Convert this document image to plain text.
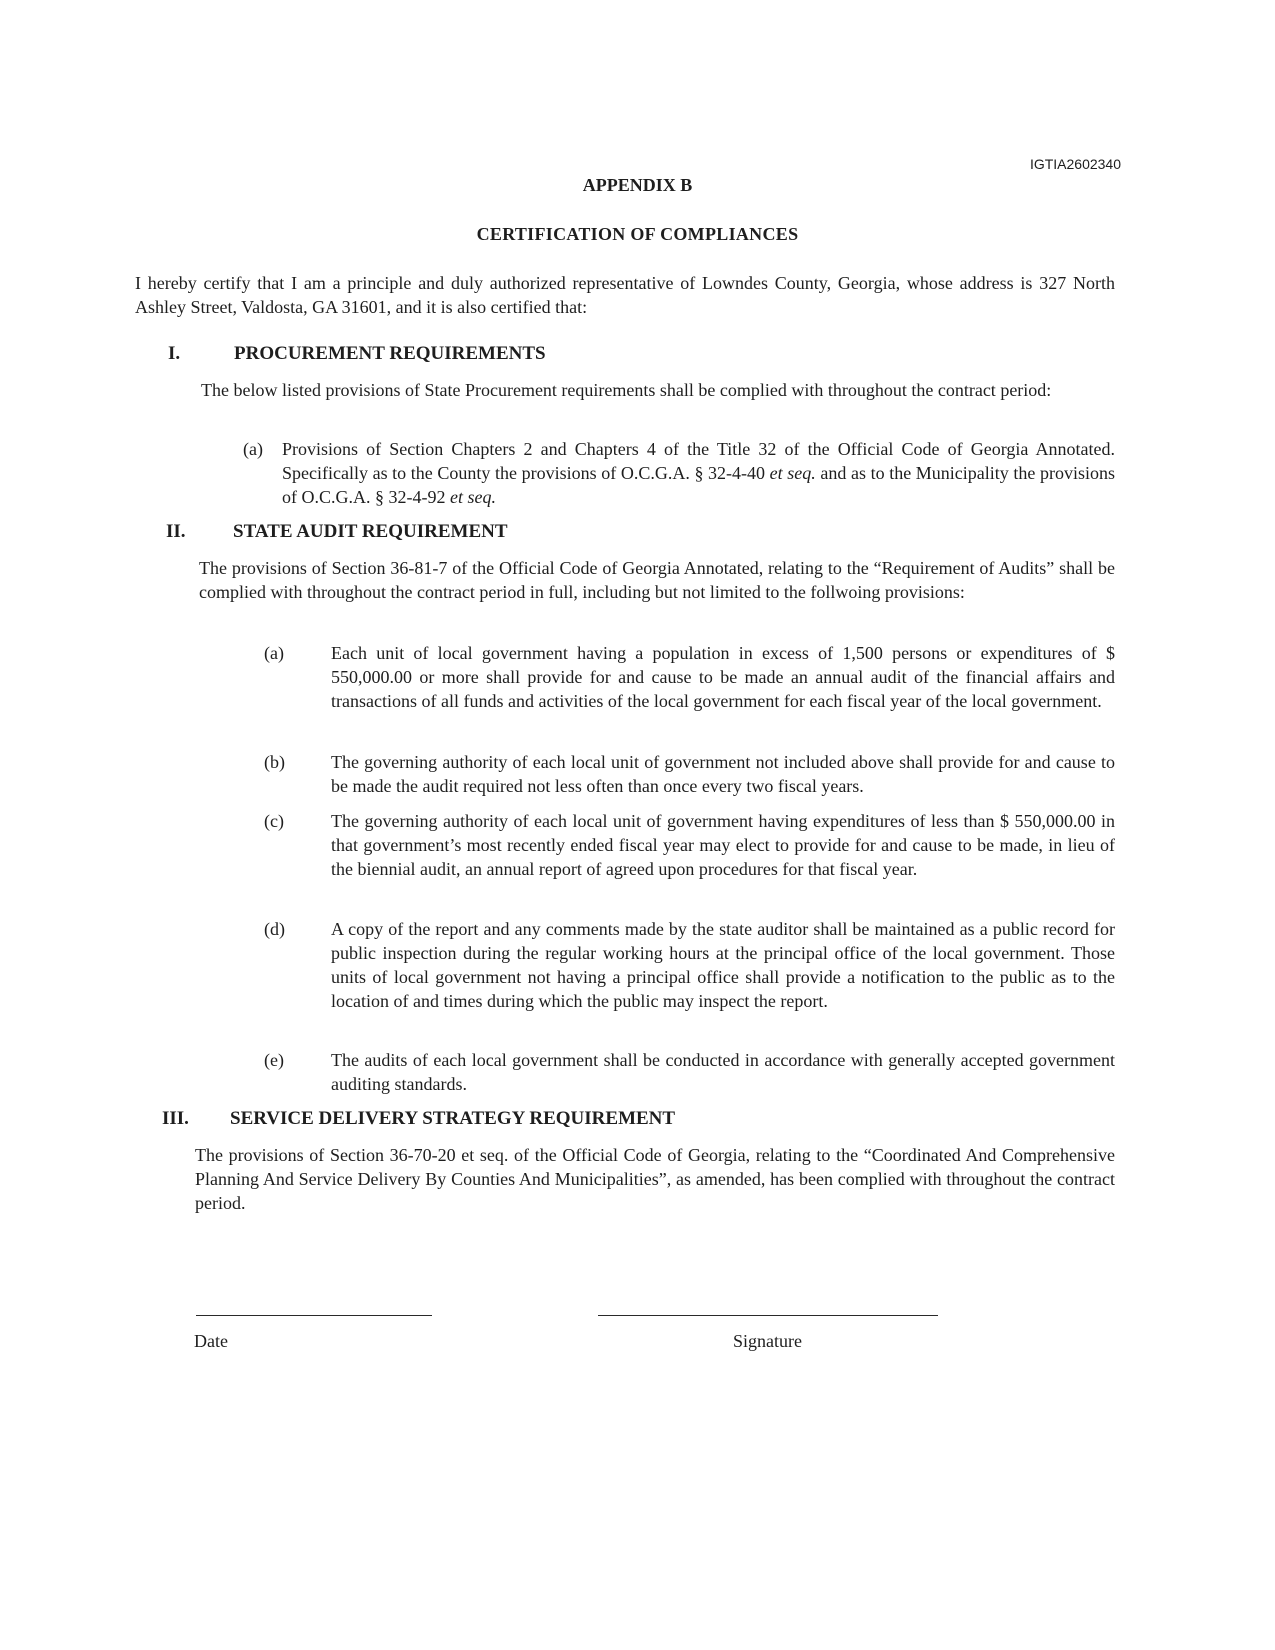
IGTIA2602340
APPENDIX B
CERTIFICATION OF COMPLIANCES

I hereby certify that I am a principle and duly authorized representative of Lowndes County, Georgia, whose address is 327 North Ashley Street, Valdosta, GA 31601, and it is also certified that:

I.	PROCUREMENT REQUIREMENTS

The below listed provisions of State Procurement requirements shall be complied with throughout the contract period:

(a) Provisions of Section Chapters 2 and Chapters 4 of the Title 32 of the Official Code of Georgia Annotated. Specifically as to the County the provisions of O.C.G.A. § 32-4-40 et seq. and as to the Municipality the provisions of O.C.G.A. § 32-4-92 et seq.
II. STATE AUDIT REQUIREMENT

The provisions of Section 36-81-7 of the Official Code of Georgia Annotated, relating to the “Requirement of Audits” shall be complied with throughout the contract period in full, including but not limited to the follwoing provisions:

(a)	Each unit of local government having a population in excess of 1,500 persons or expenditures of $ 550,000.00 or more shall provide for and cause to be made an annual audit of the financial affairs and transactions of all funds and activities of the local government for each fiscal year of the local government.
(b)	The governing authority of each local unit of government not included above shall provide for and cause to be made the audit required not less often than once every two fiscal years.
(c)	The governing authority of each local unit of government having expenditures of less than $ 550,000.00 in that government’s most recently ended fiscal year may elect to provide for and cause to be made, in lieu of the biennial audit, an annual report of agreed upon procedures for that fiscal year.
(d)	A copy of the report and any comments made by the state auditor shall be maintained as a public record for public inspection during the regular working hours at the principal office of the local government. Those units of local government not having a principal office shall provide a notification to the public as to the location of and times during which the public may inspect the report.
(e)	The audits of each local government shall be conducted in accordance with generally accepted government auditing standards.
III. SERVICE DELIVERY STRATEGY REQUIREMENT

The provisions of Section 36-70-20 et seq. of the Official Code of Georgia, relating to the “Coordinated And Comprehensive Planning And Service Delivery By Counties And Municipalities”, as amended, has been complied with throughout the contract period.

Date	Signature
